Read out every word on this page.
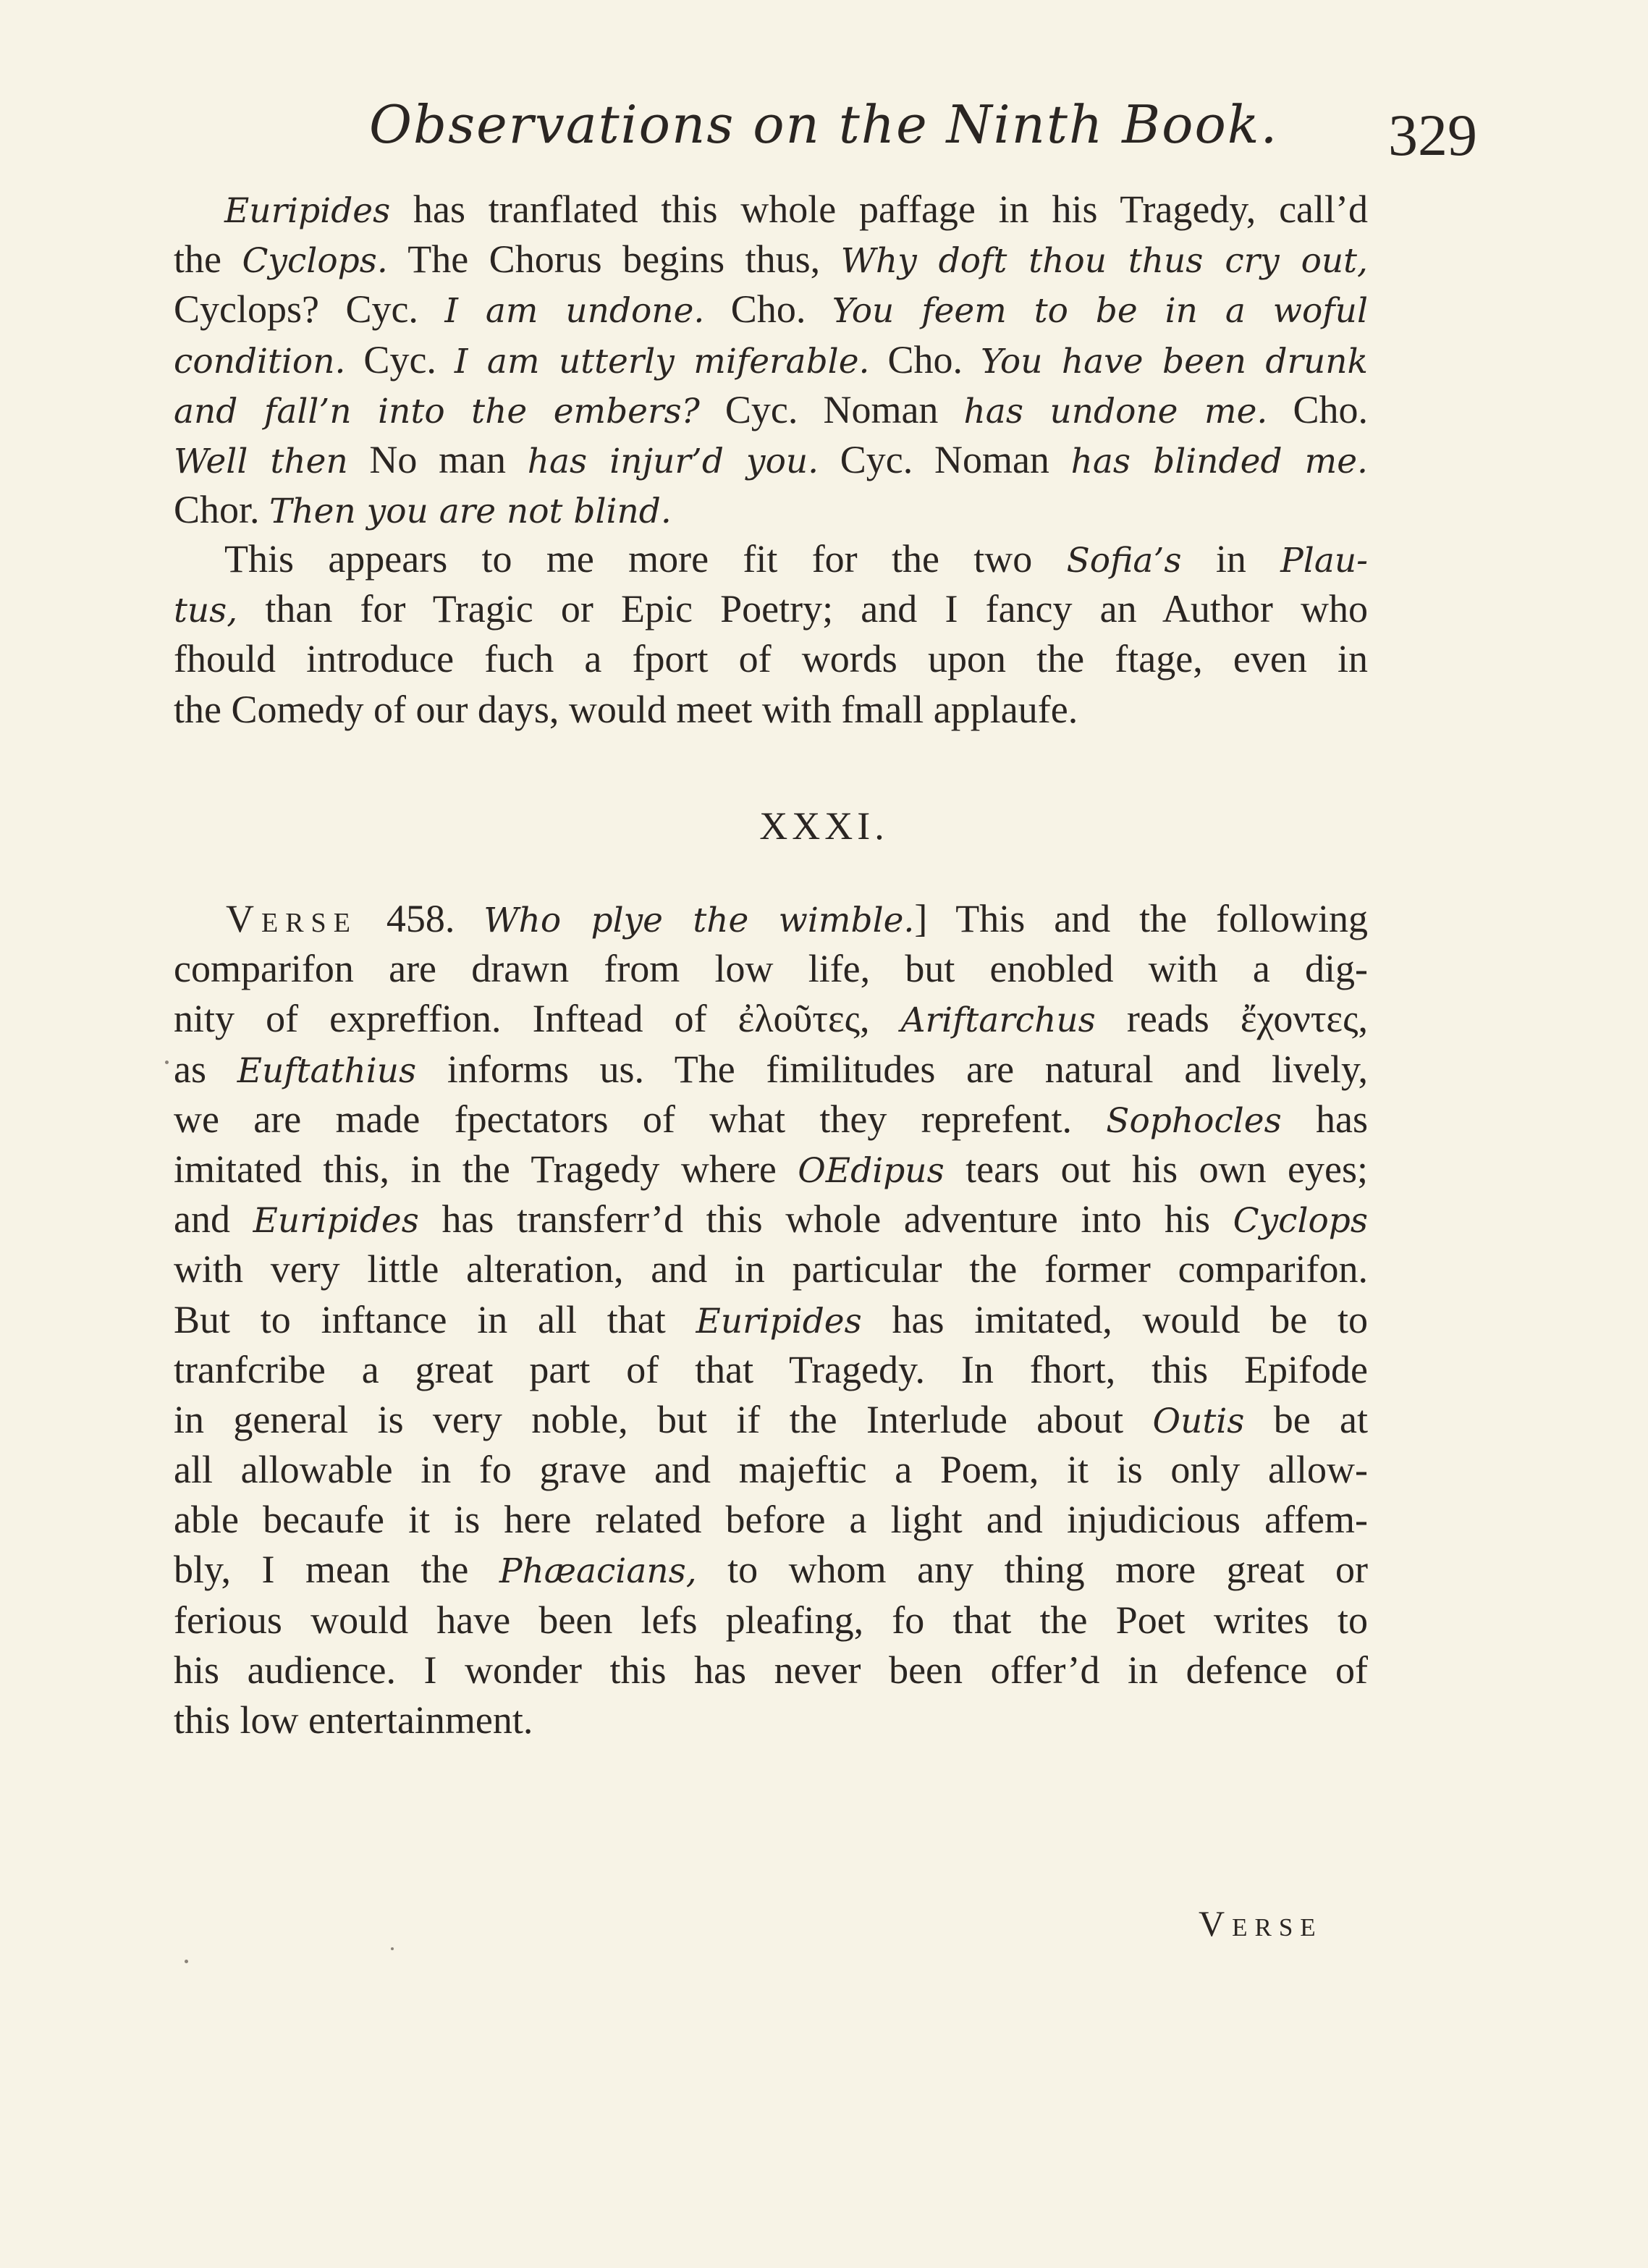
Observations on the Ninth Book. 329
Euripides has tranflated this whole paffage in his Tragedy, call’d
the Cyclops. The Chorus begins thus, Why doft thou thus cry out,
Cyclops? Cyc. I am undone. Cho. You feem to be in a woful
condition. Cyc. I am utterly miferable. Cho. You have been drunk
and fall’n into the embers? Cyc. Noman has undone me. Cho.
Well then No man has injur’d you. Cyc. Noman has blinded me.
Chor. Then you are not blind.
This appears to me more fit for the two Sofia’s in Plau-
tus, than for Tragic or Epic Poetry; and I fancy an Author who
fhould introduce fuch a fport of words upon the ftage, even in
the Comedy of our days, would meet with fmall applaufe.
XXXI.
Verse 458. Who plye the wimble.] This and the following
comparifon are drawn from low life, but enobled with a dig-
nity of expreffion. Inftead of ἐλοῦτες, Ariftarchus reads ἔχοντες,
as Euftathius informs us. The fimilitudes are natural and lively,
we are made fpectators of what they reprefent. Sophocles has
imitated this, in the Tragedy where OEdipus tears out his own eyes;
and Euripides has transferr’d this whole adventure into his Cyclops
with very little alteration, and in particular the former comparifon.
But to inftance in all that Euripides has imitated, would be to
tranfcribe a great part of that Tragedy. In fhort, this Epifode
in general is very noble, but if the Interlude about Outis be at
all allowable in fo grave and majeftic a Poem, it is only allow-
able becaufe it is here related before a light and injudicious affem-
bly, I mean the Phæacians, to whom any thing more great or
ferious would have been lefs pleafing, fo that the Poet writes to
his audience. I wonder this has never been offer’d in defence of
this low entertainment.
Verse
